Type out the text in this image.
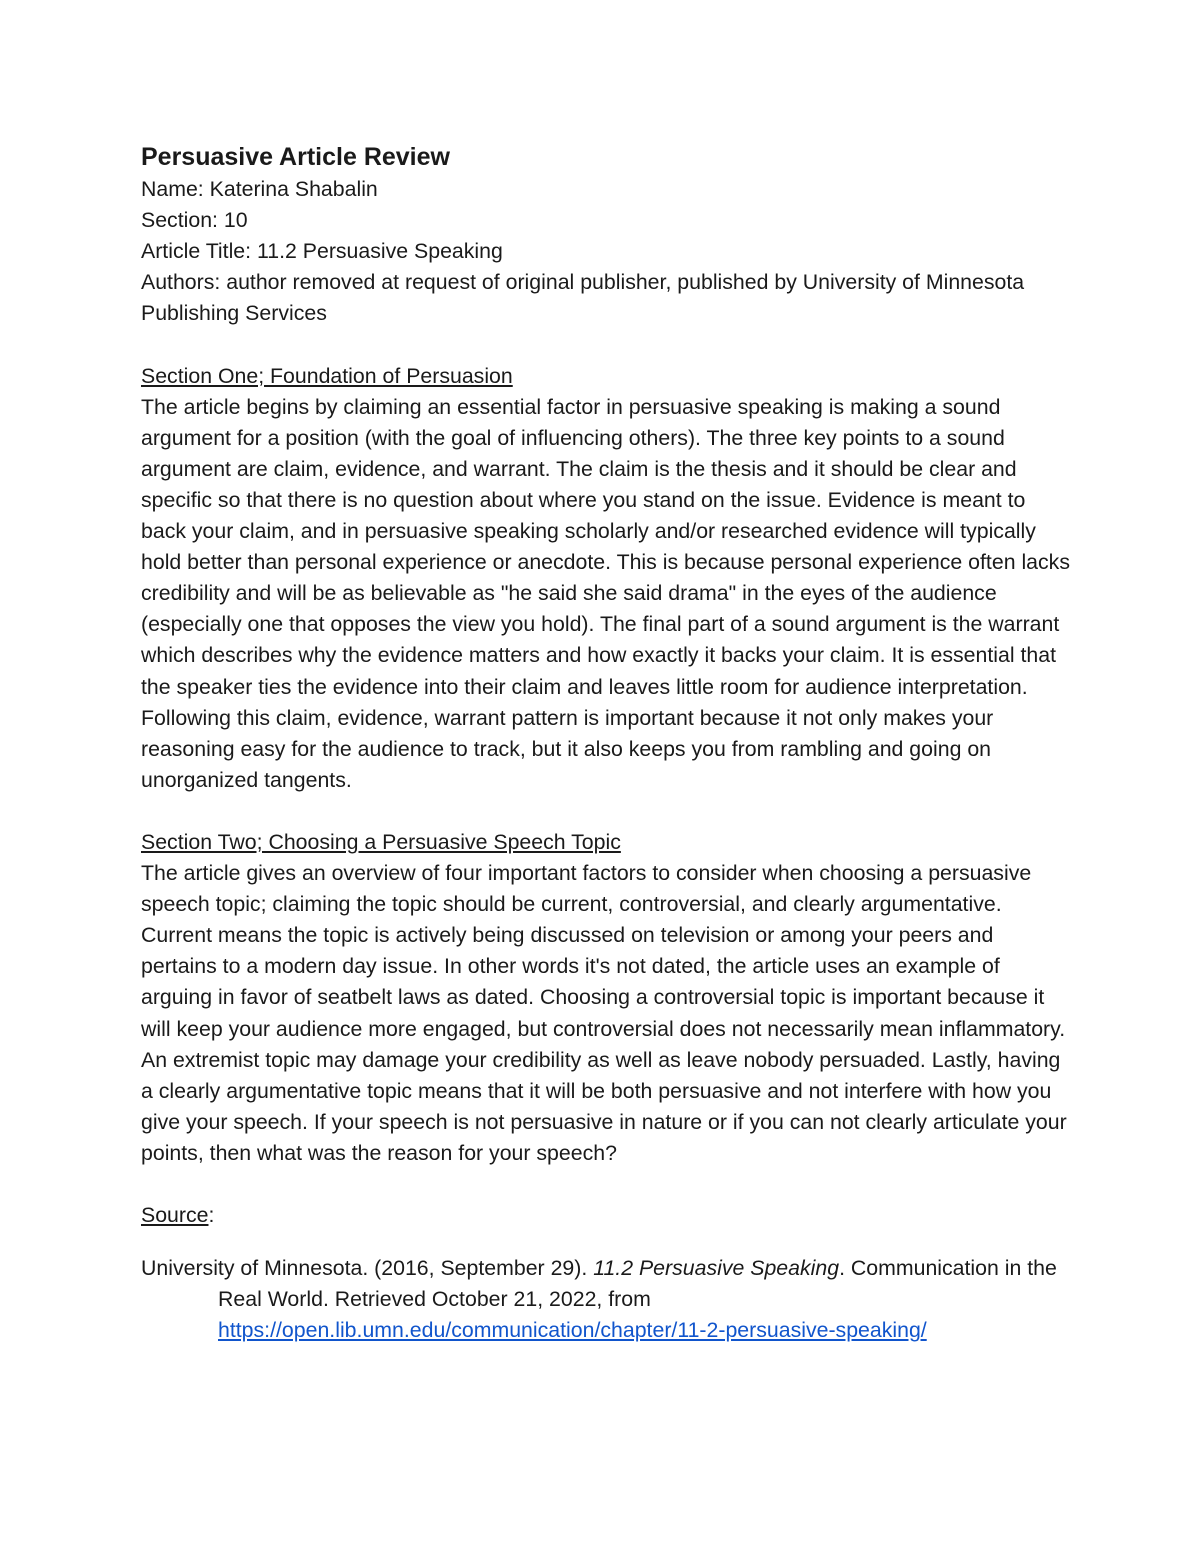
Persuasive Article Review

Name: Katerina Shabalin

Section: 10

Article Title: 11.2 Persuasive Speaking

Authors: author removed at request of original publisher, published by University of Minnesota Publishing Services

Section One; Foundation of Persuasion

The article begins by claiming an essential factor in persuasive speaking is making a sound argument for a position (with the goal of influencing others). The three key points to a sound argument are claim, evidence, and warrant. The claim is the thesis and it should be clear and specific so that there is no question about where you stand on the issue. Evidence is meant to back your claim, and in persuasive speaking scholarly and/or researched evidence will typically hold better than personal experience or anecdote. This is because personal experience often lacks credibility and will be as believable as "he said she said drama" in the eyes of the audience (especially one that opposes the view you hold). The final part of a sound argument is the warrant which describes why the evidence matters and how exactly it backs your claim. It is essential that the speaker ties the evidence into their claim and leaves little room for audience interpretation. Following this claim, evidence, warrant pattern is important because it not only makes your reasoning easy for the audience to track, but it also keeps you from rambling and going on unorganized tangents.

Section Two; Choosing a Persuasive Speech Topic

The article gives an overview of four important factors to consider when choosing a persuasive speech topic; claiming the topic should be current, controversial, and clearly argumentative. Current means the topic is actively being discussed on television or among your peers and pertains to a modern day issue. In other words it's not dated, the article uses an example of arguing in favor of seatbelt laws as dated. Choosing a controversial topic is important because it will keep your audience more engaged, but controversial does not necessarily mean inflammatory. An extremist topic may damage your credibility as well as leave nobody persuaded. Lastly, having a clearly argumentative topic means that it will be both persuasive and not interfere with how you give your speech. If your speech is not persuasive in nature or if you can not clearly articulate your points, then what was the reason for your speech?

Source:

University of Minnesota. (2016, September 29). 11.2 Persuasive Speaking. Communication in the Real World. Retrieved October 21, 2022, from https://open.lib.umn.edu/communication/chapter/11-2-persuasive-speaking/
